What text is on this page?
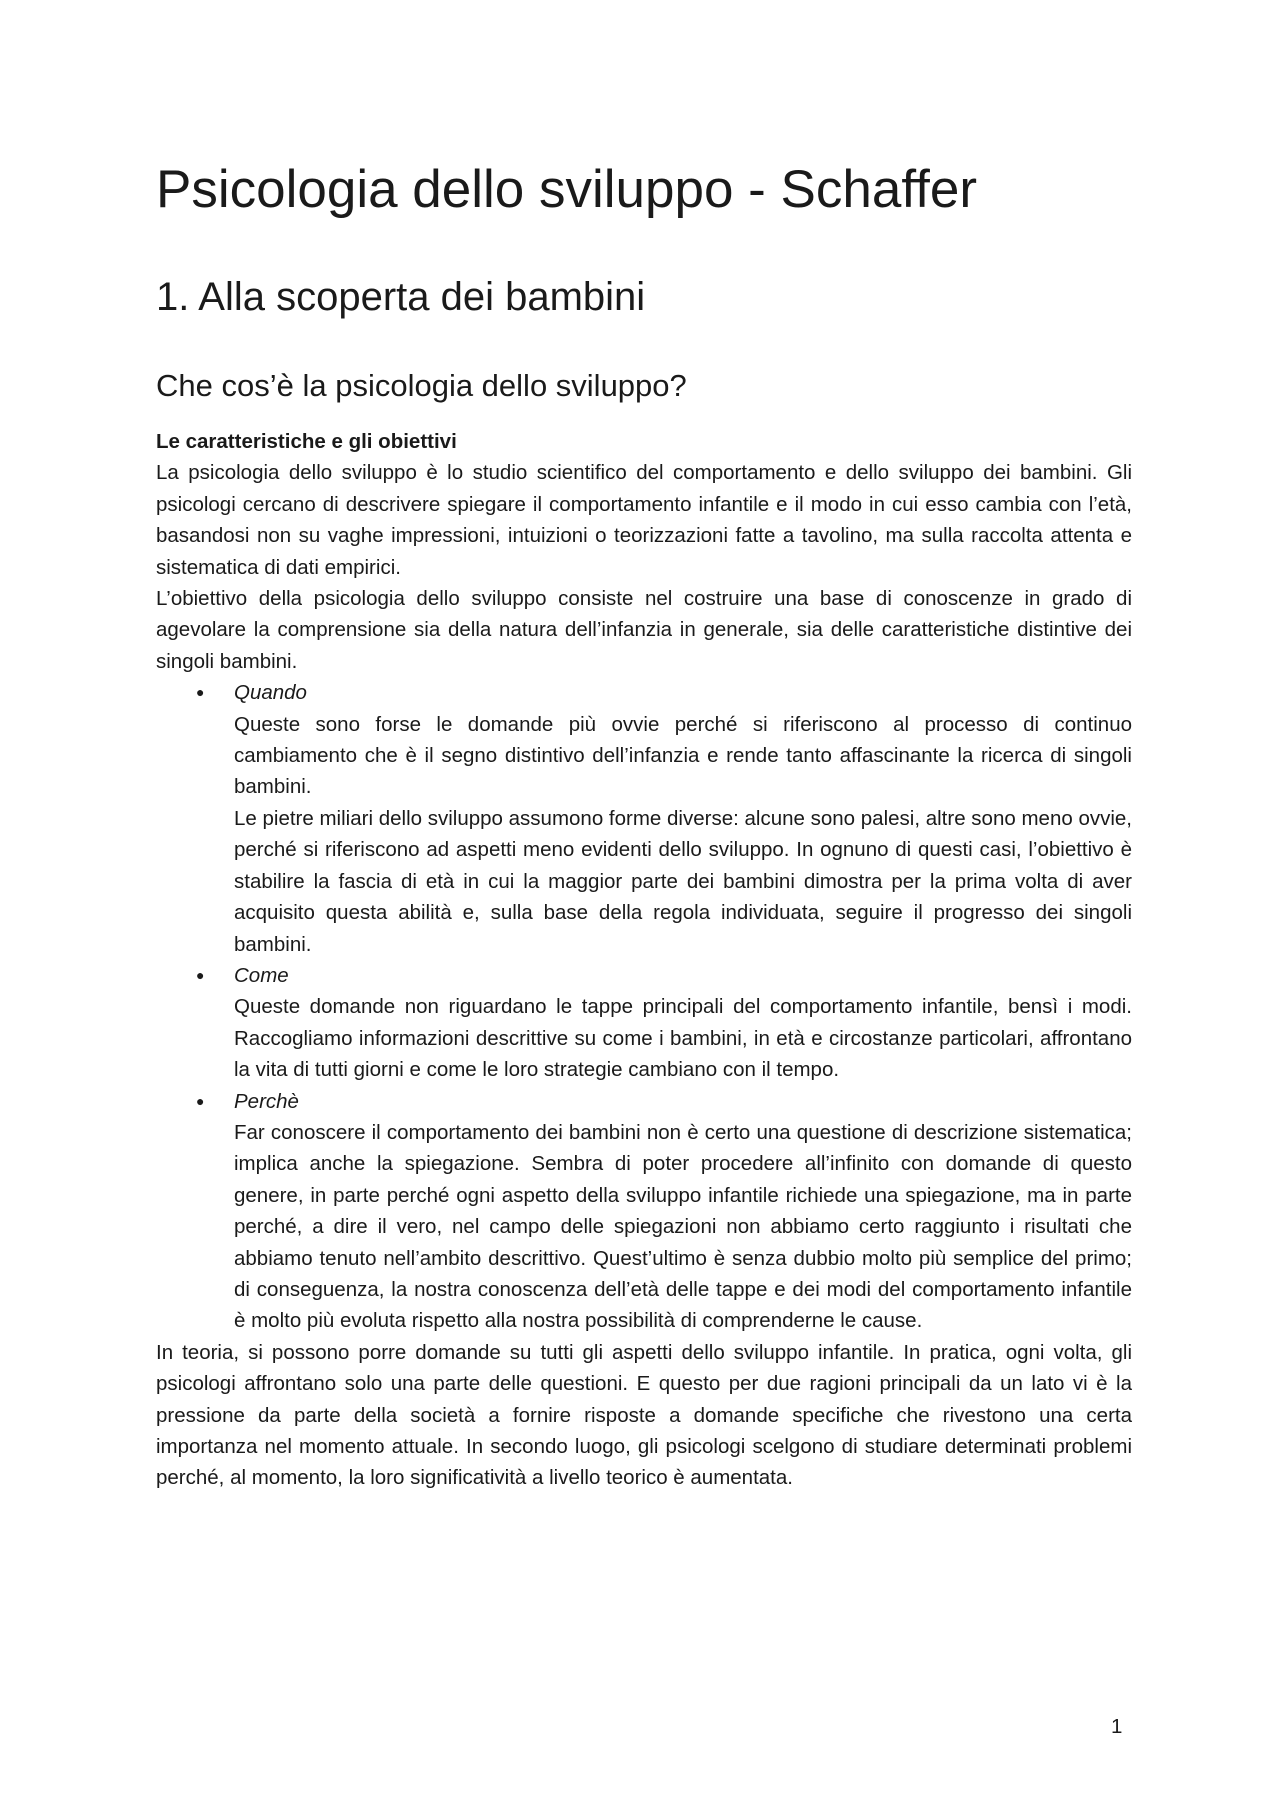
Psicologia dello sviluppo - Schaffer
1. Alla scoperta dei bambini
Che cos’è la psicologia dello sviluppo?
Le caratteristiche e gli obiettivi

La psicologia dello sviluppo è lo studio scientifico del comportamento e dello sviluppo dei bambini. Gli psicologi cercano di descrivere spiegare il comportamento infantile e il modo in cui esso cambia con l’età, basandosi non su vaghe impressioni, intuizioni o teorizzazioni fatte a tavolino, ma sulla raccolta attenta e sistematica di dati empirici.

L’obiettivo della psicologia dello sviluppo consiste nel costruire una base di conoscenze in grado di agevolare la comprensione sia della natura dell’infanzia in generale, sia delle caratteristiche distintive dei singoli bambini.

● Quando

Queste sono forse le domande più ovvie perché si riferiscono al processo di continuo cambiamento che è il segno distintivo dell’infanzia e rende tanto affascinante la ricerca di singoli bambini.

Le pietre miliari dello sviluppo assumono forme diverse: alcune sono palesi, altre sono meno ovvie, perché si riferiscono ad aspetti meno evidenti dello sviluppo. In ognuno di questi casi, l’obiettivo è stabilire la fascia di età in cui la maggior parte dei bambini dimostra per la prima volta di aver acquisito questa abilità e, sulla base della regola individuata, seguire il progresso dei singoli bambini.

● Come

Queste domande non riguardano le tappe principali del comportamento infantile, bensì i modi. Raccogliamo informazioni descrittive su come i bambini, in età e circostanze particolari, affrontano la vita di tutti giorni e come le loro strategie cambiano con il tempo.

● Perchè

Far conoscere il comportamento dei bambini non è certo una questione di descrizione sistematica; implica anche la spiegazione. Sembra di poter procedere all’infinito con domande di questo genere, in parte perché ogni aspetto della sviluppo infantile richiede una spiegazione, ma in parte perché, a dire il vero, nel campo delle spiegazioni non abbiamo certo raggiunto i risultati che abbiamo tenuto nell’ambito descrittivo. Quest’ultimo è senza dubbio molto più semplice del primo; di conseguenza, la nostra conoscenza dell’età delle tappe e dei modi del comportamento infantile è molto più evoluta rispetto alla nostra possibilità di comprenderne le cause.

In teoria, si possono porre domande su tutti gli aspetti dello sviluppo infantile. In pratica, ogni volta, gli psicologi affrontano solo una parte delle questioni. E questo per due ragioni principali da un lato vi è la pressione da parte della società a fornire risposte a domande specifiche che rivestono una certa importanza nel momento attuale. In secondo luogo, gli psicologi scelgono di studiare determinati problemi perché, al momento, la loro significatività a livello teorico è aumentata.

1
